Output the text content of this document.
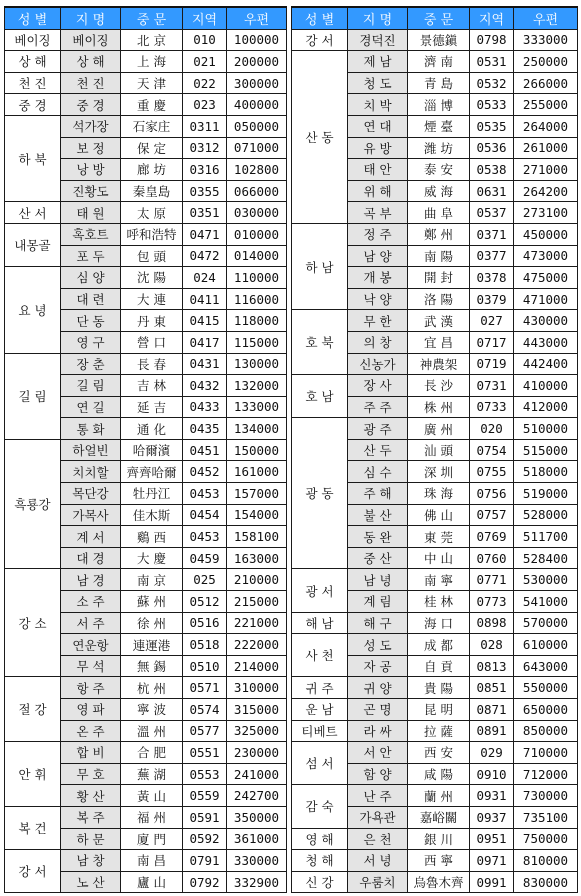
성 별	지 명	중 문	지역	우편
베이징	베이징	北 京	010	100000
상 해	상 해	上 海	021	200000
천 진	천 진	天 津	022	300000
중 경	중 경	重 慶	023	400000
하 북	석가장	石家庄	0311	050000
	보 정	保 定	0312	071000
	낭 방	廊 坊	0316	102800
	진황도	秦皇島	0355	066000
산 서	태 원	太 原	0351	030000
내몽골	혹호트	呼和浩特	0471	010000
	포 두	包 頭	0472	014000
요 녕	심 양	沈 陽	024	110000
	대 련	大 連	0411	116000
	단 동	丹 東	0415	118000
	영 구	營 口	0417	115000
길 림	장 춘	長 春	0431	130000
	길 림	吉 林	0432	132000
	연 길	延 吉	0433	133000
	통 화	通 化	0435	134000
흑룡강	하얼빈	哈爾濱	0451	150000
	치치할	齊齊哈爾	0452	161000
	목단강	牡丹江	0453	157000
	가목사	佳木斯	0454	154000
	계 서	鷄 西	0453	158100
	대 경	大 慶	0459	163000
강 소	남 경	南 京	025	210000
	소 주	蘇 州	0512	215000
	서 주	徐 州	0516	221000
	연운항	連運港	0518	222000
	무 석	無 錫	0510	214000
절 강	항 주	杭 州	0571	310000
	영 파	寧 波	0574	315000
	온 주	溫 州	0577	325000
안 휘	합 비	合 肥	0551	230000
	무 호	蕪 湖	0553	241000
	황 산	黃 山	0559	242700
복 건	복 주	福 州	0591	350000
	하 문	廈 門	0592	361000
강 서	남 창	南 昌	0791	330000
	노 산	廬 山	0792	332900
성 별	지 명	중 문	지역	우편
강 서	경덕진	景德鎭	0798	333000
산 동	제 남	濟 南	0531	250000
	청 도	青 島	0532	266000
	치 박	淄 博	0533	255000
	연 대	煙 臺	0535	264000
	유 방	潍 坊	0536	261000
	태 안	泰 安	0538	271000
	위 해	威 海	0631	264200
	곡 부	曲 阜	0537	273100
하 남	정 주	鄭 州	0371	450000
	남 양	南 陽	0377	473000
	개 봉	開 封	0378	475000
	낙 양	洛 陽	0379	471000
호 북	무 한	武 漢	027	430000
	의 창	宜 昌	0717	443000
	신농가	神農架	0719	442400
호 남	장 사	長 沙	0731	410000
	주 주	株 州	0733	412000
광 동	광 주	廣 州	020	510000
	산 두	汕 頭	0754	515000
	심 수	深 圳	0755	518000
	주 해	珠 海	0756	519000
	불 산	佛 山	0757	528000
	동 완	東 莞	0769	511700
	중 산	中 山	0760	528400
광 서	남 녕	南 寧	0771	530000
	계 림	桂 林	0773	541000
해 남	해 구	海 口	0898	570000
사 천	성 도	成 都	028	610000
	자 공	自 貢	0813	643000
귀 주	귀 양	貴 陽	0851	550000
운 남	곤 명	昆 明	0871	650000
티베트	라 싸	拉 薩	0891	850000
섬 서	서 안	西 安	029	710000
	함 양	咸 陽	0910	712000
감 숙	난 주	蘭 州	0931	730000
	가욕관	嘉峪關	0937	735100
영 해	은 천	銀 川	0951	750000
청 해	서 녕	西 寧	0971	810000
신 강	우룸치	烏魯木齊	0991	830000
